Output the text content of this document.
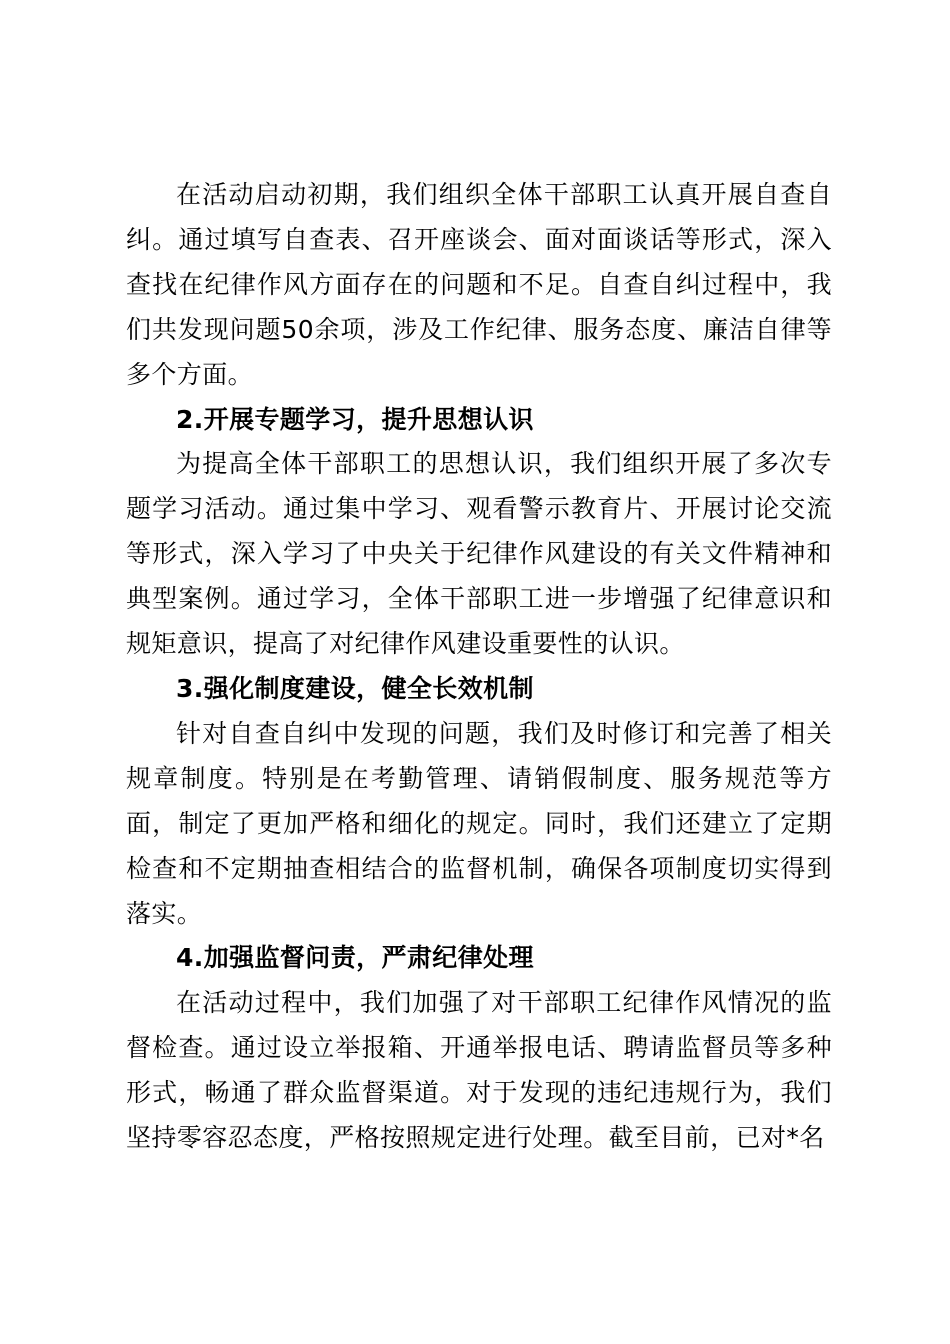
在活动启动初期，我们组织全体干部职工认真开展自查自纠。通过填写自查表、召开座谈会、面对面谈话等形式，深入查找在纪律作风方面存在的问题和不足。自查自纠过程中，我们共发现问题50余项，涉及工作纪律、服务态度、廉洁自律等多个方面。

2.开展专题学习，提升思想认识

为提高全体干部职工的思想认识，我们组织开展了多次专题学习活动。通过集中学习、观看警示教育片、开展讨论交流等形式，深入学习了中央关于纪律作风建设的有关文件精神和典型案例。通过学习，全体干部职工进一步增强了纪律意识和规矩意识，提高了对纪律作风建设重要性的认识。

3.强化制度建设，健全长效机制

针对自查自纠中发现的问题，我们及时修订和完善了相关规章制度。特别是在考勤管理、请销假制度、服务规范等方面，制定了更加严格和细化的规定。同时，我们还建立了定期检查和不定期抽查相结合的监督机制，确保各项制度切实得到落实。

4.加强监督问责，严肃纪律处理

在活动过程中，我们加强了对干部职工纪律作风情况的监督检查。通过设立举报箱、开通举报电话、聘请监督员等多种形式，畅通了群众监督渠道。对于发现的违纪违规行为，我们坚持零容忍态度，严格按照规定进行处理。截至目前，已对*名
